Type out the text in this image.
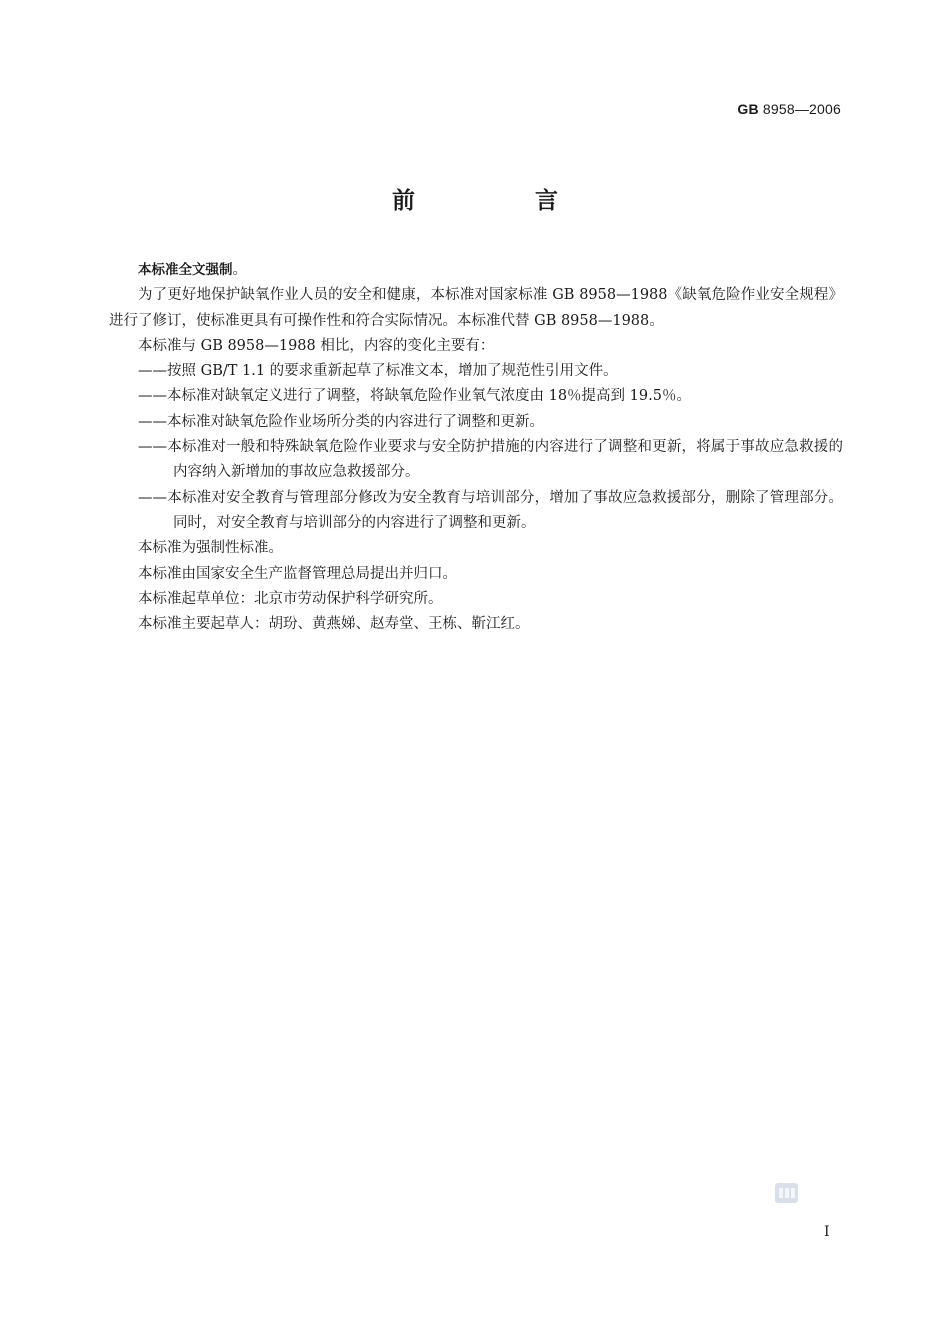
GB 8958—2006
前 言

本标准全文强制。

为了更好地保护缺氧作业人员的安全和健康，本标准对国家标准 GB 8958—1988《缺氧危险作业安全规程》进行了修订，使标准更具有可操作性和符合实际情况。本标准代替 GB 8958—1988。

本标准与 GB 8958—1988 相比，内容的变化主要有：

——按照 GB/T 1.1 的要求重新起草了标准文本，增加了规范性引用文件。

——本标准对缺氧定义进行了调整，将缺氧危险作业氧气浓度由 18％提高到 19.5％。

——本标准对缺氧危险作业场所分类的内容进行了调整和更新。

——本标准对一般和特殊缺氧危险作业要求与安全防护措施的内容进行了调整和更新，将属于事故应急救援的内容纳入新增加的事故应急救援部分。

——本标准对安全教育与管理部分修改为安全教育与培训部分，增加了事故应急救援部分，删除了管理部分。同时，对安全教育与培训部分的内容进行了调整和更新。

本标准为强制性标准。

本标准由国家安全生产监督管理总局提出并归口。

本标准起草单位：北京市劳动保护科学研究所。

本标准主要起草人：胡玢、黄燕娣、赵寿堂、王栋、靳江红。

I
